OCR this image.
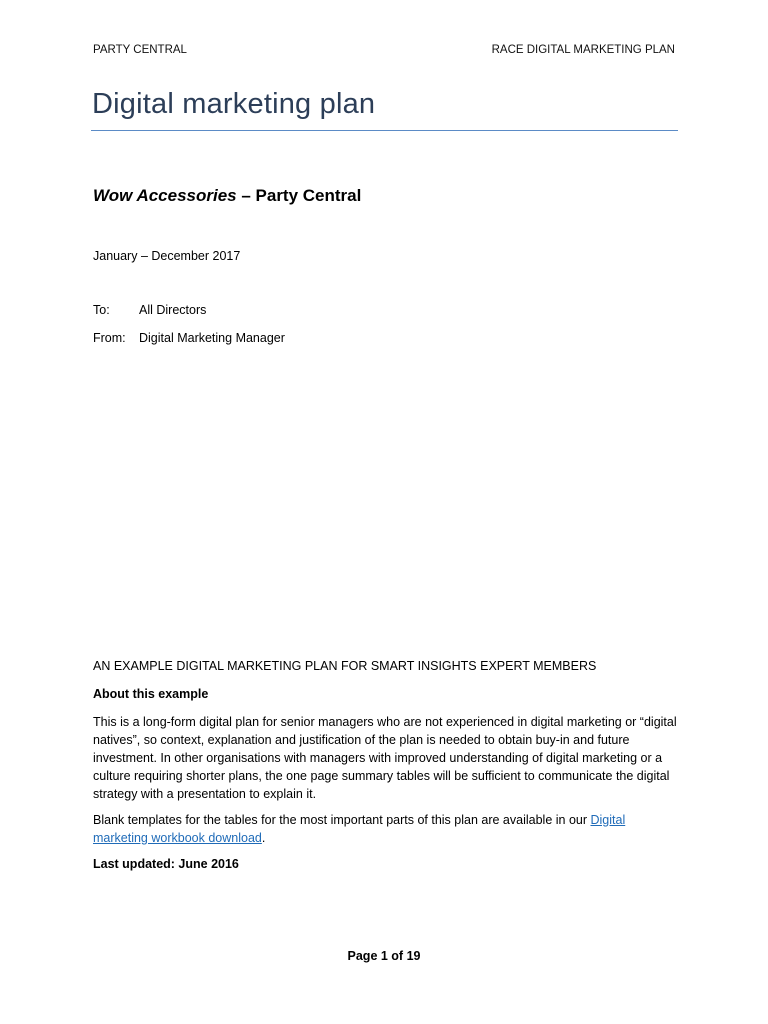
PARTY CENTRAL	RACE DIGITAL MARKETING PLAN
Digital marketing plan
Wow Accessories – Party Central
January – December 2017
To: All Directors
From: Digital Marketing Manager
AN EXAMPLE DIGITAL MARKETING PLAN FOR SMART INSIGHTS EXPERT MEMBERS
About this example
This is a long-form digital plan for senior managers who are not experienced in digital marketing or “digital natives”, so context, explanation and justification of the plan is needed to obtain buy-in and future investment. In other organisations with managers with improved understanding of digital marketing or a culture requiring shorter plans, the one page summary tables will be sufficient to communicate the digital strategy with a presentation to explain it.
Blank templates for the tables for the most important parts of this plan are available in our Digital marketing workbook download.
Last updated: June 2016
Page 1 of 19
